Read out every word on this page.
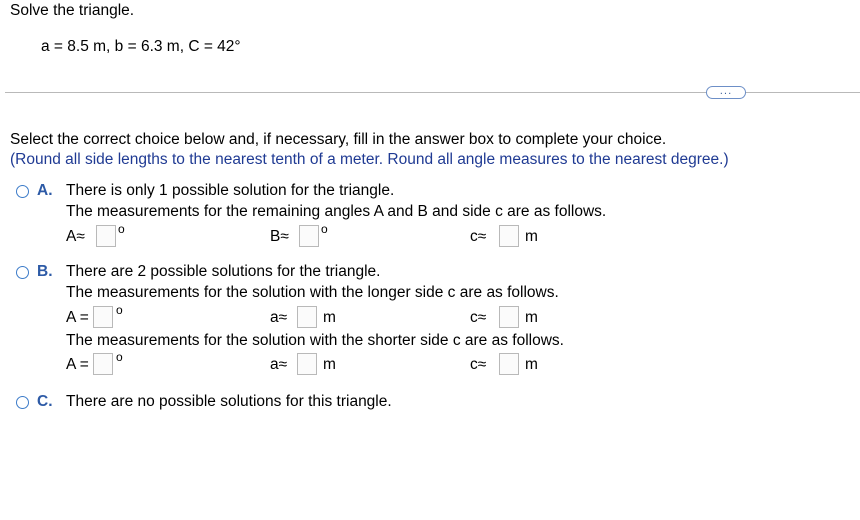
Solve the triangle.
a = 8.5 m, b = 6.3 m, C = 42°
...
Select the correct choice below and, if necessary, fill in the answer box to complete your choice.
(Round all side lengths to the nearest tenth of a meter. Round all angle measures to the nearest degree.)
A. There is only 1 possible solution for the triangle.
The measurements for the remaining angles A and B and side c are as follows.
A≈	o	B≈	o	c≈ m
B. There are 2 possible solutions for the triangle.
The measurements for the solution with the longer side c are as follows.
A = o	a≈ m	c≈ m
The measurements for the solution with the shorter side c are as follows.
A = o	a≈ m	c≈ m
C. There are no possible solutions for this triangle.
